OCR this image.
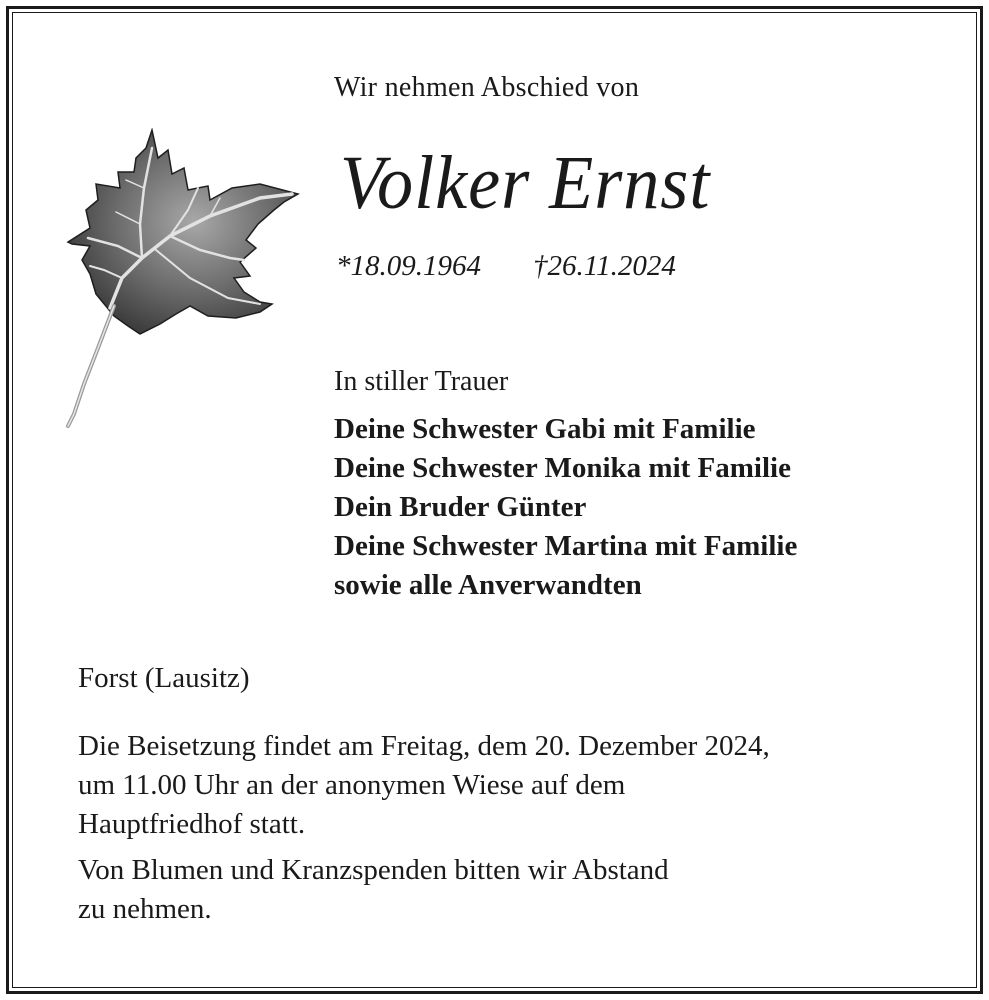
Wir nehmen Abschied von
Volker Ernst
*18.09.1964 †26.11.2024
In stiller Trauer
Deine Schwester Gabi mit Familie
Deine Schwester Monika mit Familie
Dein Bruder Günter
Deine Schwester Martina mit Familie
sowie alle Anverwandten
Forst (Lausitz)

Die Beisetzung findet am Freitag, dem 20. Dezember 2024,
um 11.00 Uhr an der anonymen Wiese auf dem
Hauptfriedhof statt.

Von Blumen und Kranzspenden bitten wir Abstand
zu nehmen.
